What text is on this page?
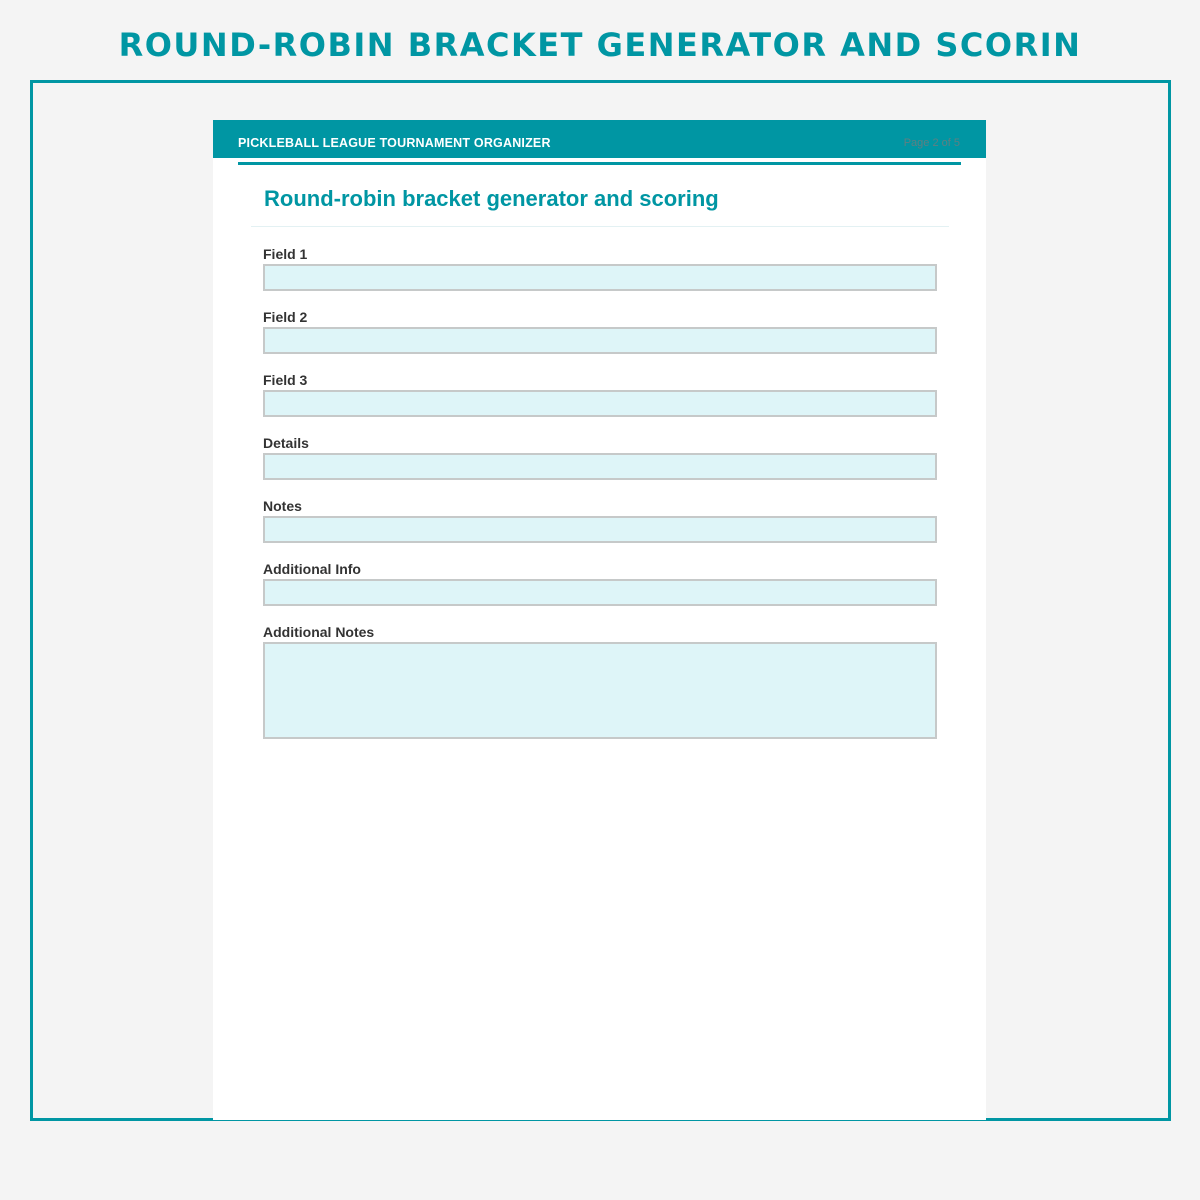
ROUND-ROBIN BRACKET GENERATOR AND SCORIN
PICKLEBALL LEAGUE TOURNAMENT ORGANIZER	Page 2 of 5
Round-robin bracket generator and scoring
Field 1
Field 2
Field 3
Details
Notes
Additional Info
Additional Notes
